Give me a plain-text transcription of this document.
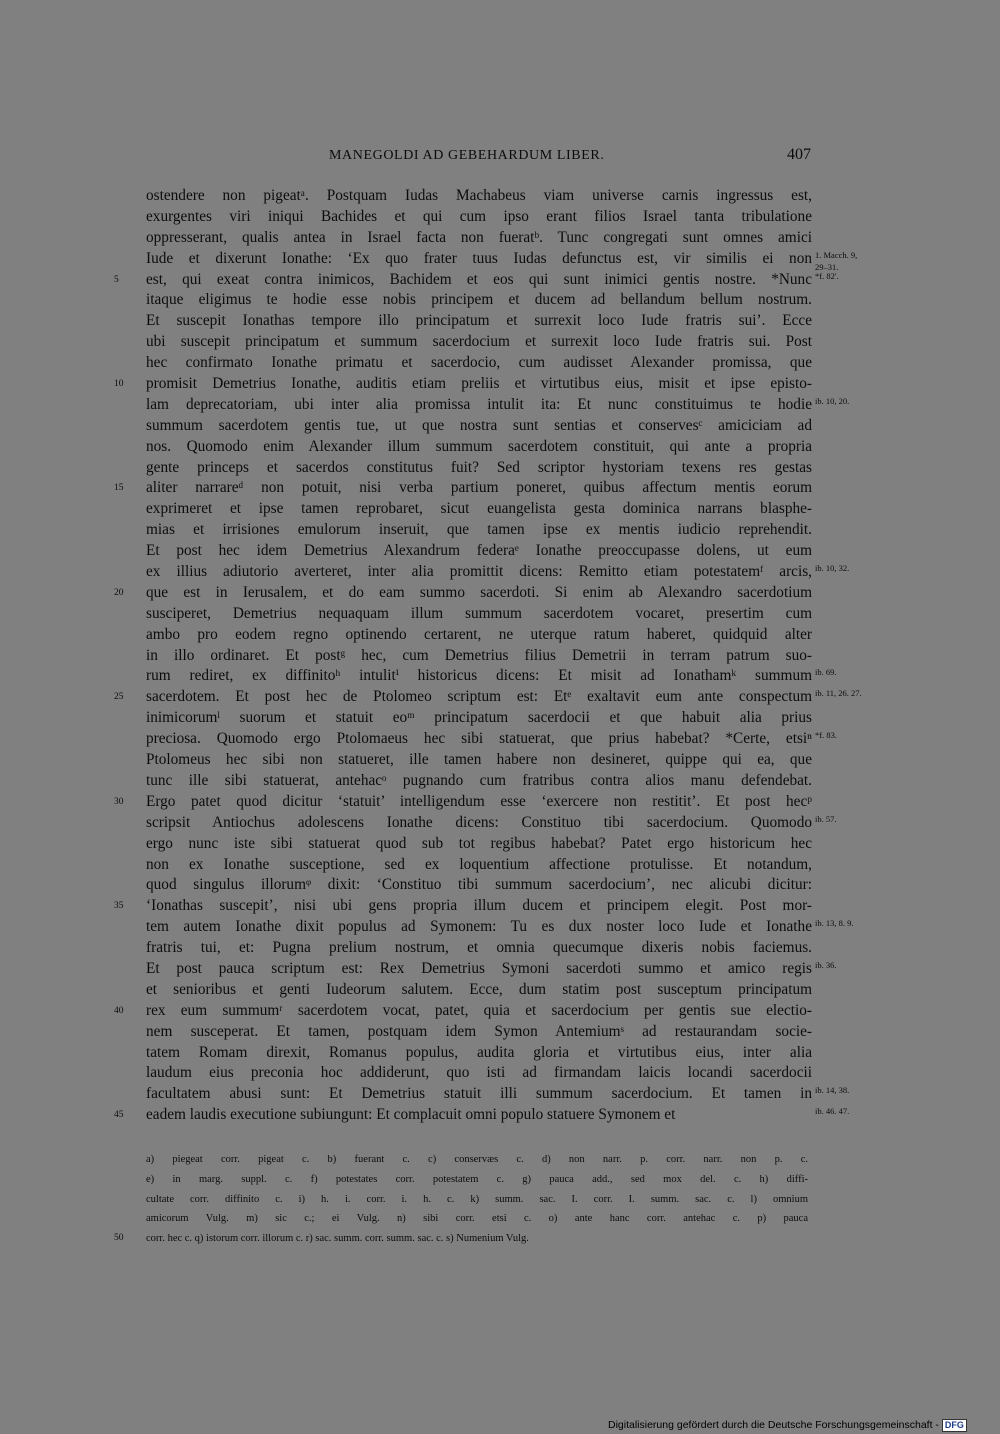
MANEGOLDI AD GEBEHARDUM LIBER.	407
ostendere non pigeatᵃ. Postquam Iudas Machabeus viam universe carnis ingressus est,
exurgentes viri iniqui Bachides et qui cum ipso erant filios Israel tanta tribulatione
oppresserant, qualis antea in Israel facta non fueratᵇ. Tunc congregati sunt omnes amici
Iude et dixerunt Ionathe: ‘Ex quo frater tuus Iudas defunctus est, vir similis ei non 1. Macch. 9,
29–31.
5 est, qui exeat contra inimicos, Bachidem et eos qui sunt inimici gentis nostre. *Nunc *f. 82'.
itaque eligimus te hodie esse nobis principem et ducem ad bellandum bellum nostrum.
Et suscepit Ionathas tempore illo principatum et surrexit loco Iude fratris sui’. Ecce
ubi suscepit principatum et summum sacerdocium et surrexit loco Iude fratris sui. Post
hec confirmato Ionathe primatu et sacerdocio, cum audisset Alexander promissa, que
10 promisit Demetrius Ionathe, auditis etiam preliis et virtutibus eius, misit et ipse episto-
lam deprecatoriam, ubi inter alia promissa intulit ita: Et nunc constituimus te hodie ib. 10, 20.
summum sacerdotem gentis tue, ut que nostra sunt sentias et conservesᶜ amiciciam ad
nos. Quomodo enim Alexander illum summum sacerdotem constituit, qui ante a propria
gente princeps et sacerdos constitutus fuit? Sed scriptor hystoriam texens res gestas
15 aliter narrareᵈ non potuit, nisi verba partium poneret, quibus affectum mentis eorum
exprimeret et ipse tamen reprobaret, sicut euangelista gesta dominica narrans blasphe-
mias et irrisiones emulorum inseruit, que tamen ipse ex mentis iudicio reprehendit.
Et post hec idem Demetrius Alexandrum federaᵉ Ionathe preoccupasse dolens, ut eum
ex illius adiutorio averteret, inter alia promittit dicens: Remitto etiam potestatemᶠ arcis, ib. 10, 32.
20 que est in Ierusalem, et do eam summo sacerdoti. Si enim ab Alexandro sacerdotium
susciperet, Demetrius nequaquam illum summum sacerdotem vocaret, presertim cum
ambo pro eodem regno optinendo certarent, ne uterque ratum haberet, quidquid alter
in illo ordinaret. Et postᵍ hec, cum Demetrius filius Demetrii in terram patrum suo-
rum rediret, ex diffinitoʰ intulitⁱ historicus dicens: Et misit ad Ionathamᵏ summum ib. 69.
25 sacerdotem. Et post hec de Ptolomeo scriptum est: Etᵉ exaltavit eum ante conspectum ib. 11, 26. 27.
inimicorumˡ suorum et statuit eoᵐ principatum sacerdocii et que habuit alia prius
preciosa. Quomodo ergo Ptolomaeus hec sibi statuerat, que prius habebat? *Certe, etsiⁿ *f. 83.
Ptolomeus hec sibi non statueret, ille tamen habere non desineret, quippe qui ea, que
tunc ille sibi statuerat, antehacᵒ pugnando cum fratribus contra alios manu defendebat.
30 Ergo patet quod dicitur ‘statuit’ intelligendum esse ‘exercere non restitit’. Et post hecᵖ
scripsit Antiochus adolescens Ionathe dicens: Constituo tibi sacerdocium. Quomodo ib. 57.
ergo nunc iste sibi statuerat quod sub tot regibus habebat? Patet ergo historicum hec
non ex Ionathe susceptione, sed ex loquentium affectione protulisse. Et notandum,
quod singulus illorumᵠ dixit: ‘Constituo tibi summum sacerdocium’, nec alicubi dicitur:
35 ‘Ionathas suscepit’, nisi ubi gens propria illum ducem et principem elegit. Post mor-
tem autem Ionathe dixit populus ad Symonem: Tu es dux noster loco Iude et Ionathe ib. 13, 8. 9.
fratris tui, et: Pugna prelium nostrum, et omnia quecumque dixeris nobis faciemus.
Et post pauca scriptum est: Rex Demetrius Symoni sacerdoti summo et amico regis ib. 36.
et senioribus et genti Iudeorum salutem. Ecce, dum statim post susceptum principatum
40 rex eum summumʳ sacerdotem vocat, patet, quia et sacerdocium per gentis sue electio-
nem susceperat. Et tamen, postquam idem Symon Antemiumˢ ad restaurandam socie-
tatem Romam direxit, Romanus populus, audita gloria et virtutibus eius, inter alia
laudum eius preconia hoc addiderunt, quo isti ad firmandam laicis locandi sacerdocii
facultatem abusi sunt: Et Demetrius statuit illi summum sacerdocium. Et tamen in ib. 14, 38.
45 eadem laudis executione subiungunt: Et complacuit omni populo statuere Symonem et	ib. 46. 47.
a) piegeat corr. pigeat c. b) fuerant c. c) conservæs c. d) non narr. p. corr. narr. non p. c.
e) in marg. suppl. c. f) potestates corr. potestatem c. g) pauca add., sed mox del. c. h) diffi-
cultate corr. diffinito c. i) h. i. corr. i. h. c. k) summ. sac. I. corr. I. summ. sac. c. l) omnium
amicorum Vulg. m) sic c.; ei Vulg. n) sibi corr. etsi c. o) ante hanc corr. antehac c. p) pauca
50 corr. hec c. q) istorum corr. illorum c. r) sac. summ. corr. summ. sac. c. s) Numenium Vulg.
Digitalisierung gefördert durch die Deutsche Forschungsgemeinschaft - DFG
